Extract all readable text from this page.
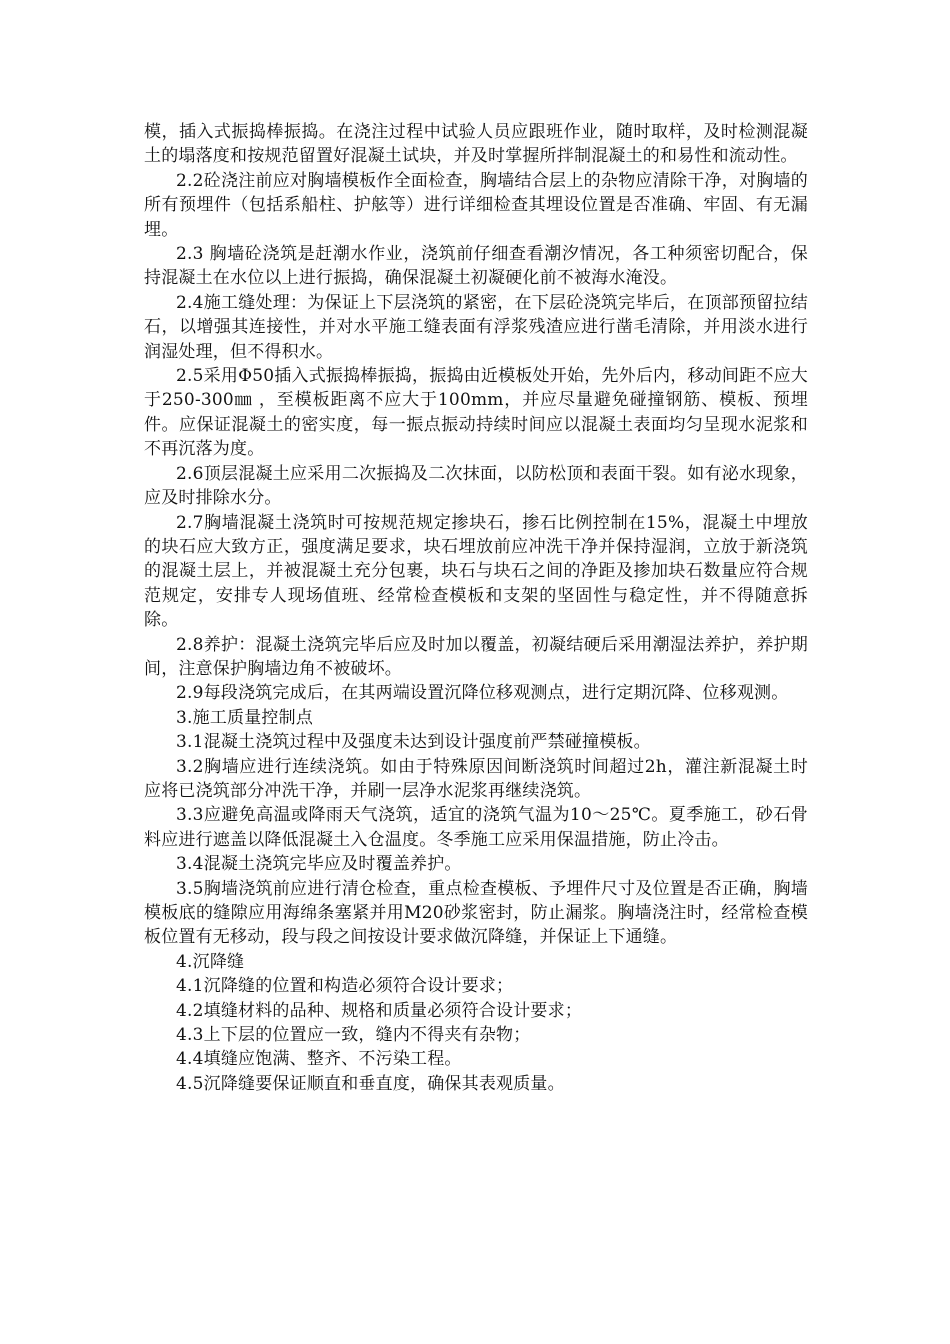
模，插入式振捣棒振捣。在浇注过程中试验人员应跟班作业，随时取样，及时检测混凝土的塌落度和按规范留置好混凝土试块，并及时掌握所拌制混凝土的和易性和流动性。

2.2砼浇注前应对胸墙模板作全面检查，胸墙结合层上的杂物应清除干净，对胸墙的所有预埋件（包括系船柱、护舷等）进行详细检查其埋设位置是否准确、牢固、有无漏埋。

2.3 胸墙砼浇筑是赶潮水作业，浇筑前仔细查看潮汐情况，各工种须密切配合，保持混凝土在水位以上进行振捣，确保混凝土初凝硬化前不被海水淹没。

2.4施工缝处理：为保证上下层浇筑的紧密，在下层砼浇筑完毕后，在顶部预留拉结石，以增强其连接性，并对水平施工缝表面有浮浆残渣应进行凿毛清除，并用淡水进行润湿处理，但不得积水。

2.5采用Φ50插入式振捣棒振捣，振捣由近模板处开始，先外后内，移动间距不应大于250-300㎜ ，至模板距离不应大于100mm，并应尽量避免碰撞钢筋、模板、预埋件。应保证混凝土的密实度，每一振点振动持续时间应以混凝土表面均匀呈现水泥浆和不再沉落为度。

2.6顶层混凝土应采用二次振捣及二次抹面，以防松顶和表面干裂。如有泌水现象，应及时排除水分。

2.7胸墙混凝土浇筑时可按规范规定掺块石，掺石比例控制在15%，混凝土中埋放的块石应大致方正，强度满足要求，块石埋放前应冲洗干净并保持湿润，立放于新浇筑的混凝土层上，并被混凝土充分包裹，块石与块石之间的净距及掺加块石数量应符合规范规定，安排专人现场值班、经常检查模板和支架的坚固性与稳定性，并不得随意拆除。

2.8养护：混凝土浇筑完毕后应及时加以覆盖，初凝结硬后采用潮湿法养护，养护期间，注意保护胸墙边角不被破坏。

2.9每段浇筑完成后，在其两端设置沉降位移观测点，进行定期沉降、位移观测。

3.施工质量控制点

3.1混凝土浇筑过程中及强度未达到设计强度前严禁碰撞模板。

3.2胸墙应进行连续浇筑。如由于特殊原因间断浇筑时间超过2h，灌注新混凝土时应将已浇筑部分冲洗干净，并刷一层净水泥浆再继续浇筑。

3.3应避免高温或降雨天气浇筑，适宜的浇筑气温为10～25℃。夏季施工，砂石骨料应进行遮盖以降低混凝土入仓温度。冬季施工应采用保温措施，防止冷击。

3.4混凝土浇筑完毕应及时覆盖养护。

3.5胸墙浇筑前应进行清仓检查，重点检查模板、予埋件尺寸及位置是否正确，胸墙模板底的缝隙应用海绵条塞紧并用M20砂浆密封，防止漏浆。胸墙浇注时，经常检查模板位置有无移动，段与段之间按设计要求做沉降缝，并保证上下通缝。

4.沉降缝

4.1沉降缝的位置和构造必须符合设计要求；

4.2填缝材料的品种、规格和质量必须符合设计要求；

4.3上下层的位置应一致，缝内不得夹有杂物；

4.4填缝应饱满、整齐、不污染工程。

4.5沉降缝要保证顺直和垂直度，确保其表观质量。
